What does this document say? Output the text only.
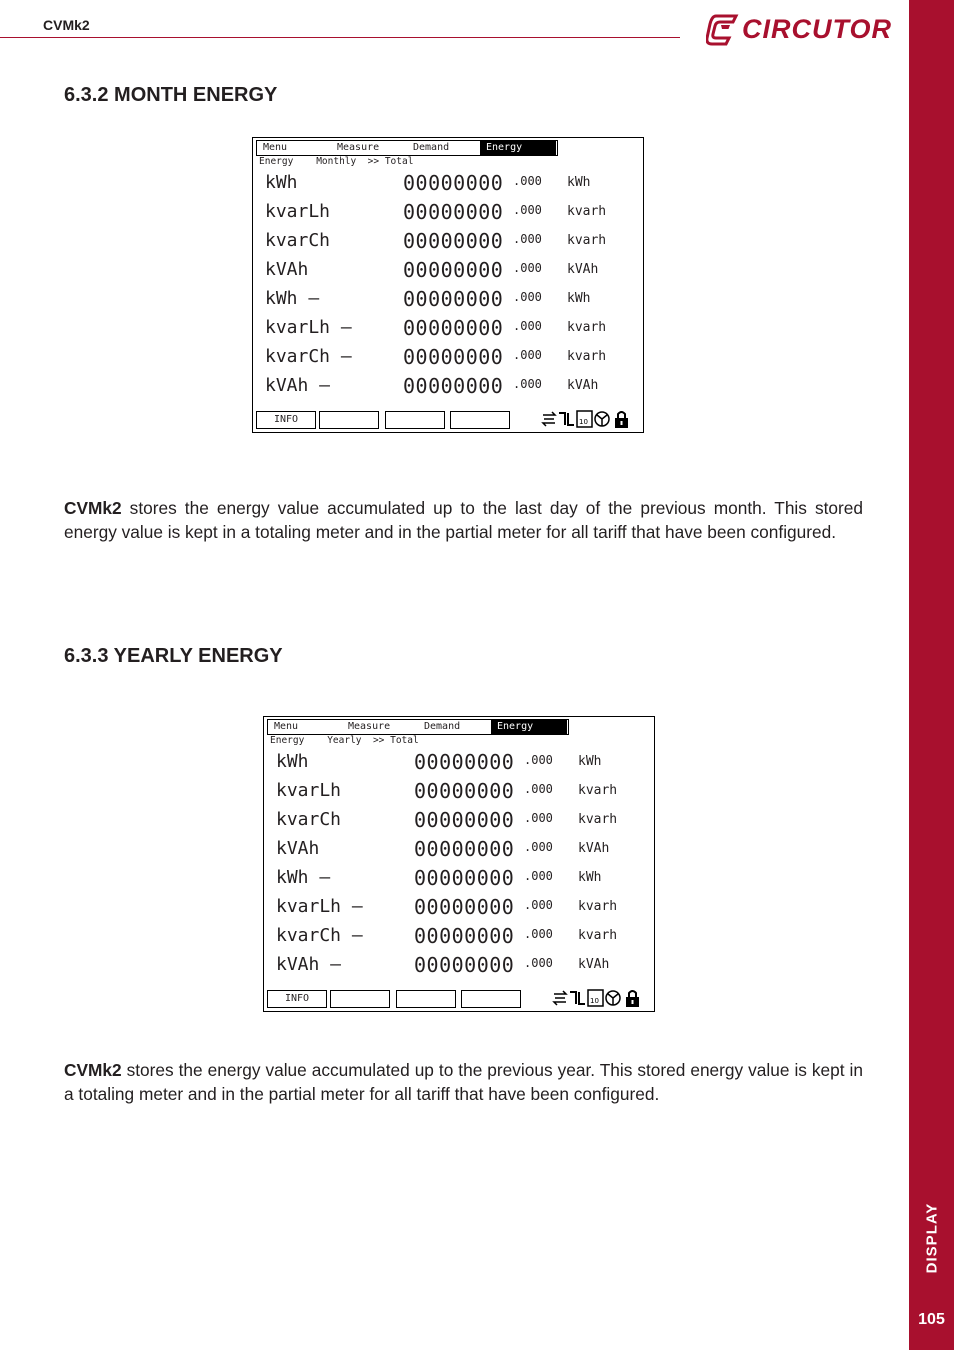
CVMk2	CIRCUTOR
DISPLAY
105
6.3.2 MONTH ENERGY
Menu	Measure	Demand	Energy
Energy    Monthly  >> Total
kWh	00000000 .000 kWh
kvarLh	00000000 .000 kvarh
kvarCh	00000000 .000 kvarh
kVAh	00000000 .000 kVAh
kWh –	00000000 .000 kWh
kvarLh –	00000000 .000 kvarh
kvarCh –	00000000 .000 kvarh
kVAh –	00000000 .000 kVAh
INFO	10

CVMk2 stores the energy value accumulated up to the last day of the previous month. This stored energy value is kept in a totaling meter and in the partial meter for all tariff that have been configured.

6.3.3 YEARLY ENERGY
Menu	Measure	Demand	Energy
Energy    Yearly  >> Total
kWh	00000000 .000 kWh
kvarLh	00000000 .000 kvarh
kvarCh	00000000 .000 kvarh
kVAh	00000000 .000 kVAh
kWh –	00000000 .000 kWh
kvarLh –	00000000 .000 kvarh
kvarCh –	00000000 .000 kvarh
kVAh –	00000000 .000 kVAh
INFO	10

CVMk2 stores the energy value accumulated up to the previous year. This stored energy value is kept in a totaling meter and in the partial meter for all tariff that have been configured.
